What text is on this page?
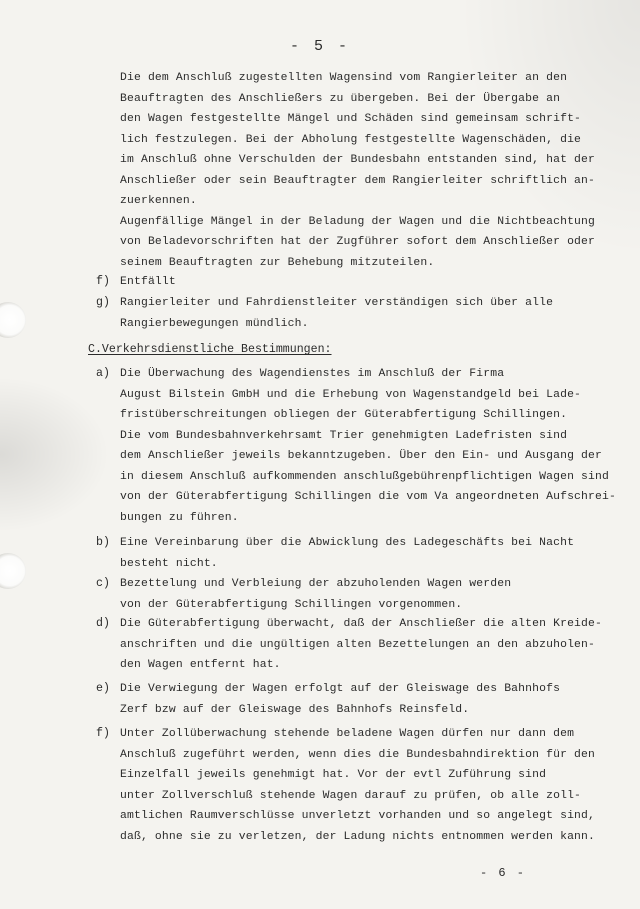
- 5 -
Die dem Anschluß zugestellten Wagensind vom Rangierleiter an den
Beauftragten des Anschließers zu übergeben. Bei der Übergabe an
den Wagen festgestellte Mängel und Schäden sind gemeinsam schrift-
lich festzulegen. Bei der Abholung festgestellte Wagenschäden, die
im Anschluß ohne Verschulden der Bundesbahn entstanden sind, hat der
Anschließer oder sein Beauftragter dem Rangierleiter schriftlich an-
zuerkennen.
Augenfällige Mängel in der Beladung der Wagen und die Nichtbeachtung
von Beladevorschriften hat der Zugführer sofort dem Anschließer oder
seinem Beauftragten zur Behebung mitzuteilen.
f) Entfällt
g) Rangierleiter und Fahrdienstleiter verständigen sich über alle
Rangierbewegungen mündlich.
C.Verkehrsdienstliche Bestimmungen:
a) Die Überwachung des Wagendienstes im Anschluß der Firma
August Bilstein GmbH und die Erhebung von Wagenstandgeld bei Lade-
fristüberschreitungen obliegen der Güterabfertigung Schillingen.
Die vom Bundesbahnverkehrsamt Trier genehmigten Ladefristen sind
dem Anschließer jeweils bekanntzugeben. Über den Ein- und Ausgang der
in diesem Anschluß aufkommenden anschlußgebührenpflichtigen Wagen sind
von der Güterabfertigung Schillingen die vom Va angeordneten Aufschrei-
bungen zu führen.
b) Eine Vereinbarung über die Abwicklung des Ladegeschäfts bei Nacht
besteht nicht.
c) Bezettelung und Verbleiung der abzuholenden Wagen werden
von der Güterabfertigung Schillingen vorgenommen.
d) Die Güterabfertigung überwacht, daß der Anschließer die alten Kreide-
anschriften und die ungültigen alten Bezettelungen an den abzuholen-
den Wagen entfernt hat.
e) Die Verwiegung der Wagen erfolgt auf der Gleiswage des Bahnhofs
Zerf bzw auf der Gleiswage des Bahnhofs Reinsfeld.
f) Unter Zollüberwachung stehende beladene Wagen dürfen nur dann dem
Anschluß zugeführt werden, wenn dies die Bundesbahndirektion für den
Einzelfall jeweils genehmigt hat. Vor der evtl Zuführung sind
unter Zollverschluß stehende Wagen darauf zu prüfen, ob alle zoll-
amtlichen Raumverschlüsse unverletzt vorhanden und so angelegt sind,
daß, ohne sie zu verletzen, der Ladung nichts entnommen werden kann.
- 6 -
